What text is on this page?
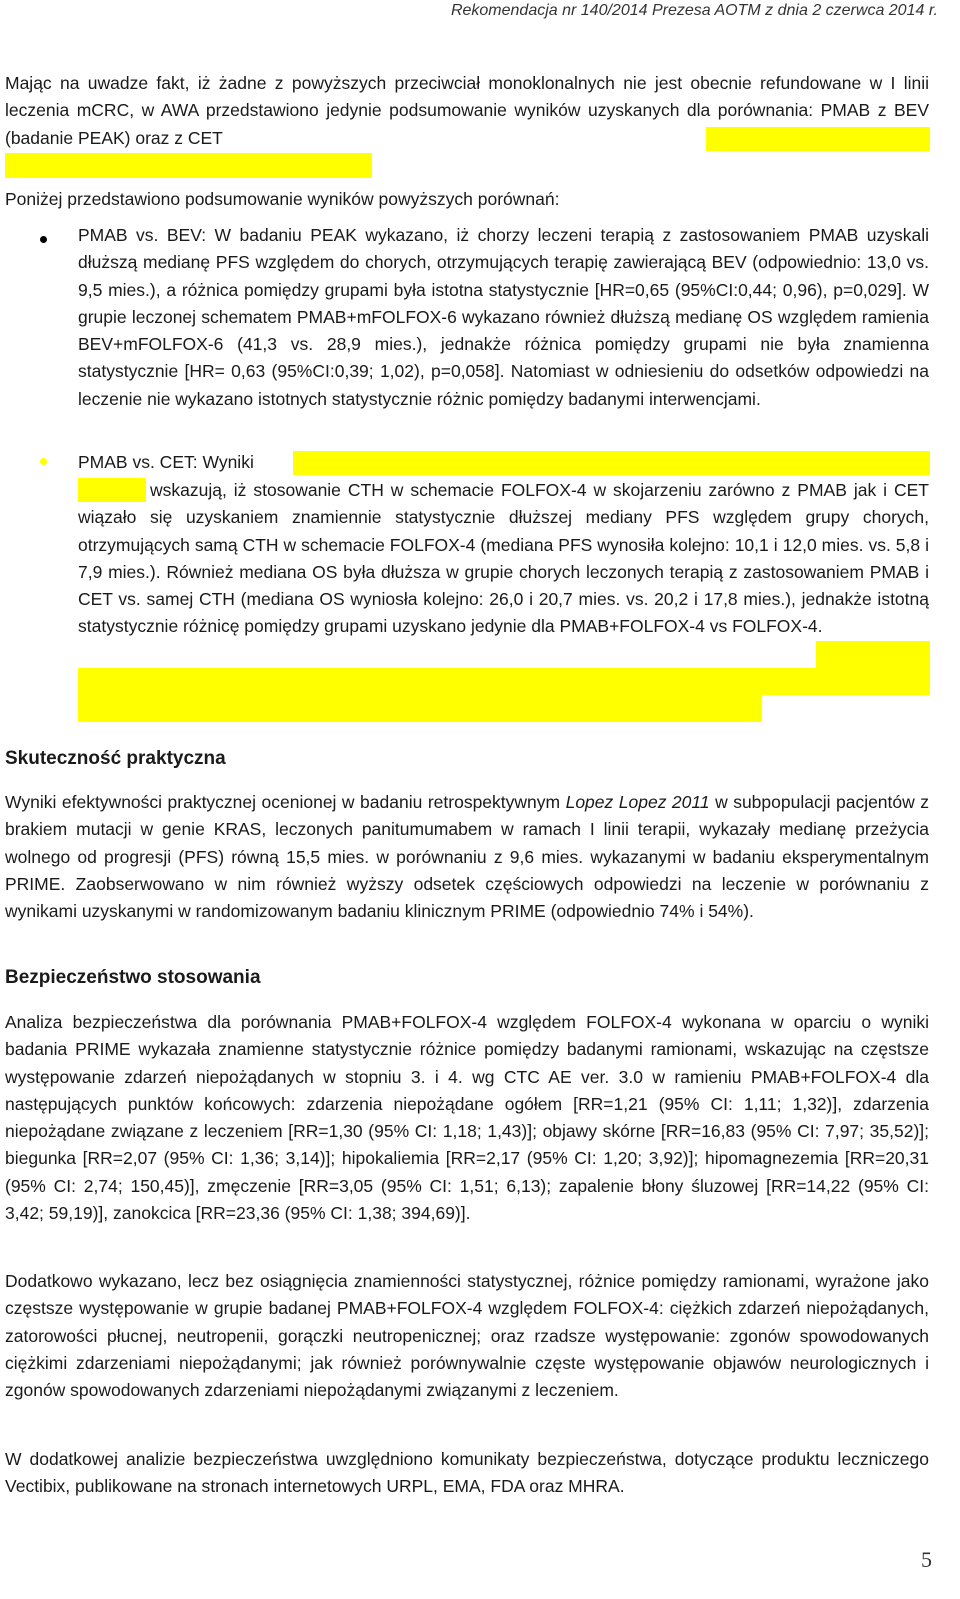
Rekomendacja nr 140/2014 Prezesa AOTM z dnia 2 czerwca 2014 r.

Mając na uwadze fakt, iż żadne z powyższych przeciwciał monoklonalnych nie jest obecnie refundowane w I linii leczenia mCRC, w AWA przedstawiono jedynie podsumowanie wyników uzyskanych dla porównania: PMAB z BEV (badanie PEAK) oraz z CET

Poniżej przedstawiono podsumowanie wyników powyższych porównań:

PMAB vs. BEV: W badaniu PEAK wykazano, iż chorzy leczeni terapią z zastosowaniem PMAB uzyskali dłuższą medianę PFS względem do chorych, otrzymujących terapię zawierającą BEV (odpowiednio: 13,0 vs. 9,5 mies.), a różnica pomiędzy grupami była istotna statystycznie [HR=0,65 (95%CI:0,44; 0,96), p=0,029]. W grupie leczonej schematem PMAB+mFOLFOX-6 wykazano również dłuższą medianę OS względem ramienia BEV+mFOLFOX-6 (41,3 vs. 28,9 mies.), jednakże różnica pomiędzy grupami nie była znamienna statystycznie [HR= 0,63 (95%CI:0,39; 1,02), p=0,058]. Natomiast w odniesieniu do odsetków odpowiedzi na leczenie nie wykazano istotnych statystycznie różnic pomiędzy badanymi interwencjami.

PMAB vs. CET: Wyniki

wskazują, iż stosowanie CTH w schemacie FOLFOX-4 w skojarzeniu zarówno z PMAB jak i CET wiązało się uzyskaniem znamiennie statystycznie dłuższej mediany PFS względem grupy chorych, otrzymujących samą CTH w schemacie FOLFOX-4 (mediana PFS wynosiła kolejno: 10,1 i 12,0 mies. vs. 5,8 i 7,9 mies.). Również mediana OS była dłuższa w grupie chorych leczonych terapią z zastosowaniem PMAB i CET vs. samej CTH (mediana OS wyniosła kolejno: 26,0 i 20,7 mies. vs. 20,2 i 17,8 mies.), jednakże istotną statystycznie różnicę pomiędzy grupami uzyskano jedynie dla PMAB+FOLFOX-4 vs FOLFOX-4.

Skuteczność praktyczna

Wyniki efektywności praktycznej ocenionej w badaniu retrospektywnym Lopez Lopez 2011 w subpopulacji pacjentów z brakiem mutacji w genie KRAS, leczonych panitumumabem w ramach I linii terapii, wykazały medianę przeżycia wolnego od progresji (PFS) równą 15,5 mies. w porównaniu z 9,6 mies. wykazanymi w badaniu eksperymentalnym PRIME. Zaobserwowano w nim również wyższy odsetek częściowych odpowiedzi na leczenie w porównaniu z wynikami uzyskanymi w randomizowanym badaniu klinicznym PRIME (odpowiednio 74% i 54%).

Bezpieczeństwo stosowania

Analiza bezpieczeństwa dla porównania PMAB+FOLFOX-4 względem FOLFOX-4 wykonana w oparciu o wyniki badania PRIME wykazała znamienne statystycznie różnice pomiędzy badanymi ramionami, wskazując na częstsze występowanie zdarzeń niepożądanych w stopniu 3. i 4. wg CTC AE ver. 3.0 w ramieniu PMAB+FOLFOX-4 dla następujących punktów końcowych: zdarzenia niepożądane ogółem [RR=1,21 (95% CI: 1,11; 1,32)], zdarzenia niepożądane związane z leczeniem [RR=1,30 (95% CI: 1,18; 1,43)]; objawy skórne [RR=16,83 (95% CI: 7,97; 35,52)]; biegunka [RR=2,07 (95% CI: 1,36; 3,14)]; hipokaliemia [RR=2,17 (95% CI: 1,20; 3,92)]; hipomagnezemia [RR=20,31 (95% CI: 2,74; 150,45)], zmęczenie [RR=3,05 (95% CI: 1,51; 6,13); zapalenie błony śluzowej [RR=14,22 (95% CI: 3,42; 59,19)], zanokcica [RR=23,36 (95% CI: 1,38; 394,69)].

Dodatkowo wykazano, lecz bez osiągnięcia znamienności statystycznej, różnice pomiędzy ramionami, wyrażone jako częstsze występowanie w grupie badanej PMAB+FOLFOX-4 względem FOLFOX-4: ciężkich zdarzeń niepożądanych, zatorowości płucnej, neutropenii, gorączki neutropenicznej; oraz rzadsze występowanie: zgonów spowodowanych ciężkimi zdarzeniami niepożądanymi; jak również porównywalnie częste występowanie objawów neurologicznych i zgonów spowodowanych zdarzeniami niepożądanymi związanymi z leczeniem.

W dodatkowej analizie bezpieczeństwa uwzględniono komunikaty bezpieczeństwa, dotyczące produktu leczniczego Vectibix, publikowane na stronach internetowych URPL, EMA, FDA oraz MHRA.

5
